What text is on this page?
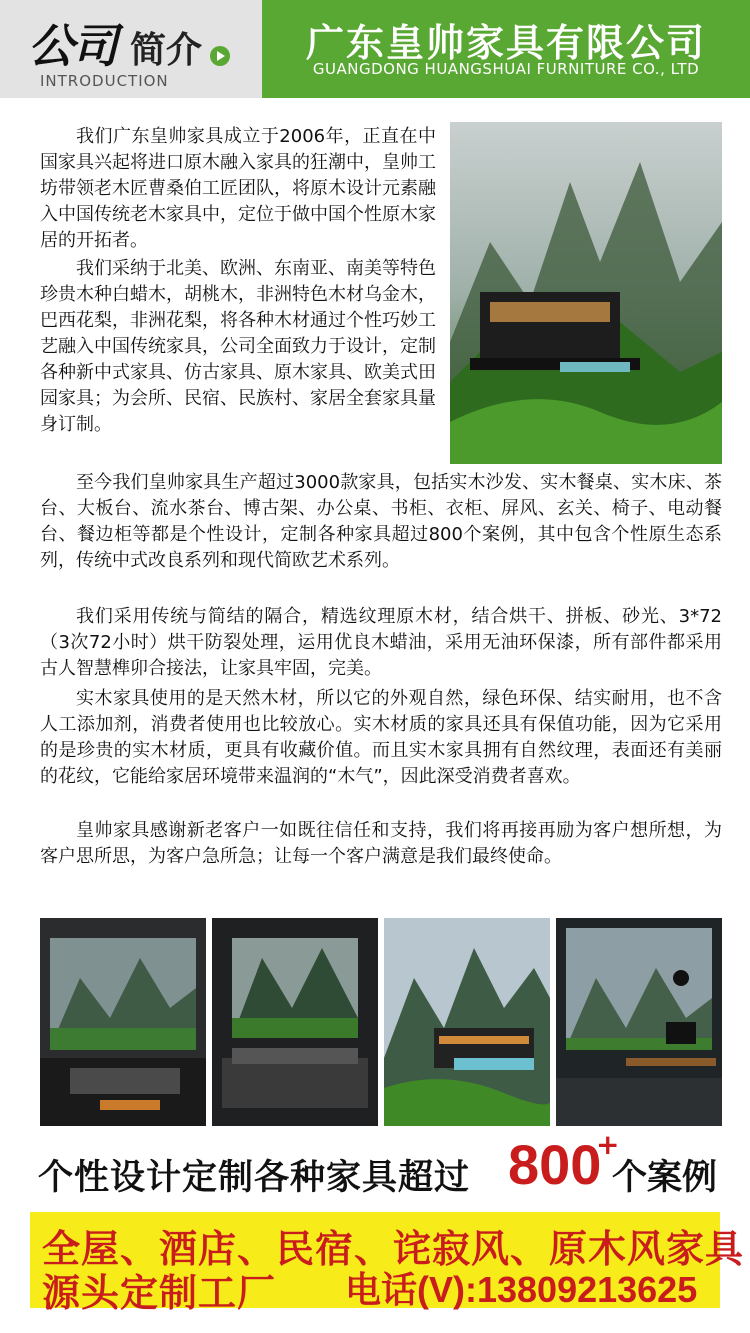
公司 简介
INTRODUCTION
广东皇帅家具有限公司
GUANGDONG HUANGSHUAI FURNITURE CO., LTD
我们广东皇帅家具成立于2006年，正直在中国家具兴起将进口原木融入家具的狂潮中，皇帅工坊带领老木匠曹桑伯工匠团队，将原木设计元素融入中国传统老木家具中，定位于做中国个性原木家居的开拓者。
我们采纳于北美、欧洲、东南亚、南美等特色珍贵木种白蜡木，胡桃木，非洲特色木材乌金木，巴西花梨，非洲花梨，将各种木材通过个性巧妙工艺融入中国传统家具，公司全面致力于设计，定制各种新中式家具、仿古家具、原木家具、欧美式田园家具；为会所、民宿、民族村、家居全套家具量身订制。
至今我们皇帅家具生产超过3000款家具，包括实木沙发、实木餐桌、实木床、茶台、大板台、流水茶台、博古架、办公桌、书柜、衣柜、屏风、玄关、椅子、电动餐台、餐边柜等都是个性设计，定制各种家具超过800个案例，其中包含个性原生态系列，传统中式改良系列和现代简欧艺术系列。
我们采用传统与简结的隔合，精选纹理原木材，结合烘干、拼板、砂光、3*72（3次72小时）烘干防裂处理，运用优良木蜡油，采用无油环保漆，所有部件都采用古人智慧榫卯合接法，让家具牢固，完美。
实木家具使用的是天然木材，所以它的外观自然，绿色环保、结实耐用，也不含人工添加剂，消费者使用也比较放心。实木材质的家具还具有保值功能，因为它采用的是珍贵的实木材质，更具有收藏价值。而且实木家具拥有自然纹理，表面还有美丽的花纹，它能给家居环境带来温润的“木气”，因此深受消费者喜欢。
皇帅家具感谢新老客户一如既往信任和支持，我们将再接再励为客户想所想，为客户思所思，为客户急所急；让每一个客户满意是我们最终使命。
个性设计定制各种家具超过 800
+
个案例
全屋、酒店、民宿、诧寂风、原木风家具
源头定制工厂 电话(V):13809213625
